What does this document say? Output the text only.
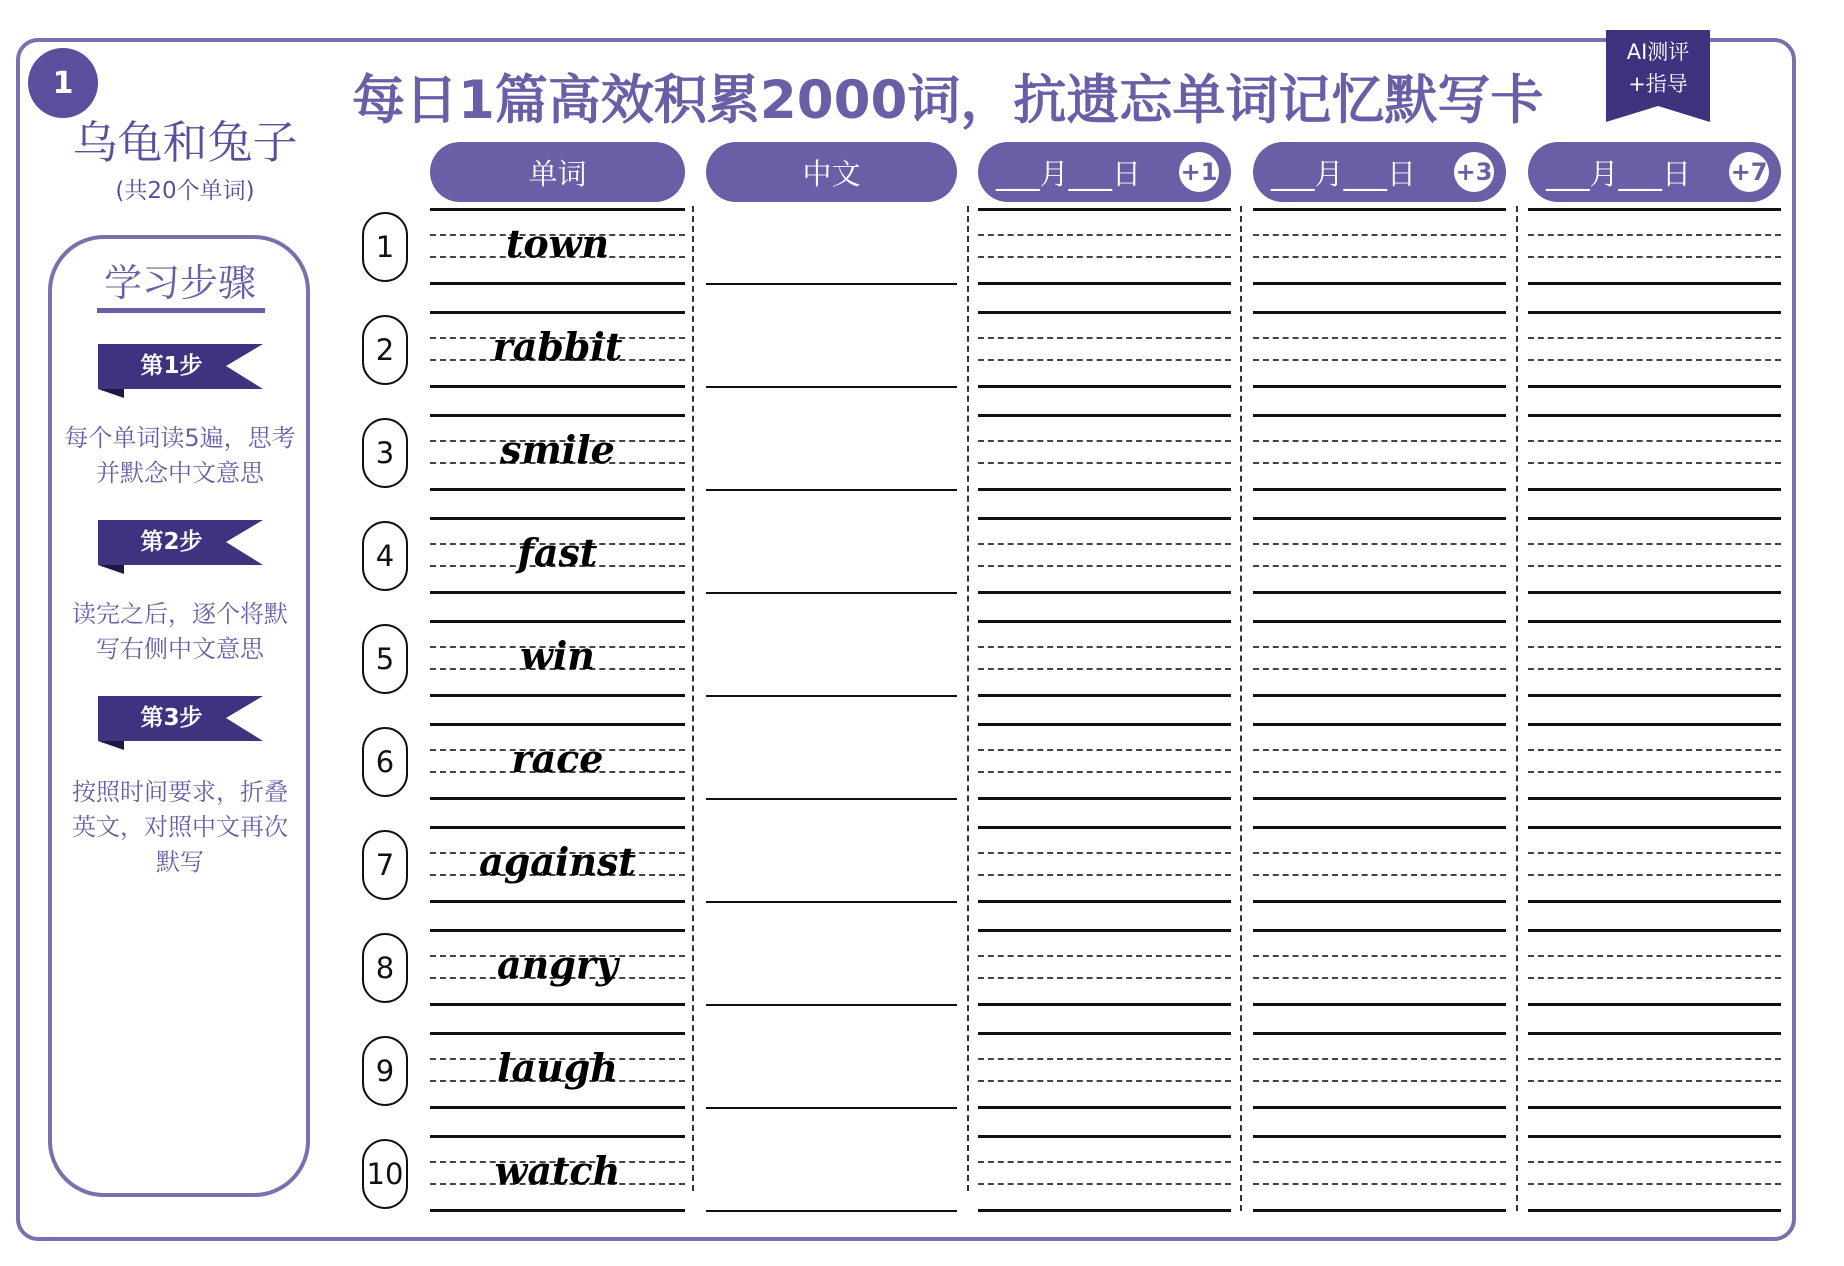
1
乌龟和兔子
(共20个单词)
学习步骤
第1步
每个单词读5遍，思考并默念中文意思
第2步
读完之后，逐个将默写右侧中文意思
第3步
按照时间要求，折叠英文，对照中文再次默写
每日1篇高效积累2000词，抗遗忘单词记忆默写卡
AI测评
+指导
单词	中文	___月___日 +1 ___月___日 +3 ___月___日 +7
1	town
2	rabbit
3	smile
4	fast
5	win
6	race
7	against
8	angry
9	laugh
10	watch
